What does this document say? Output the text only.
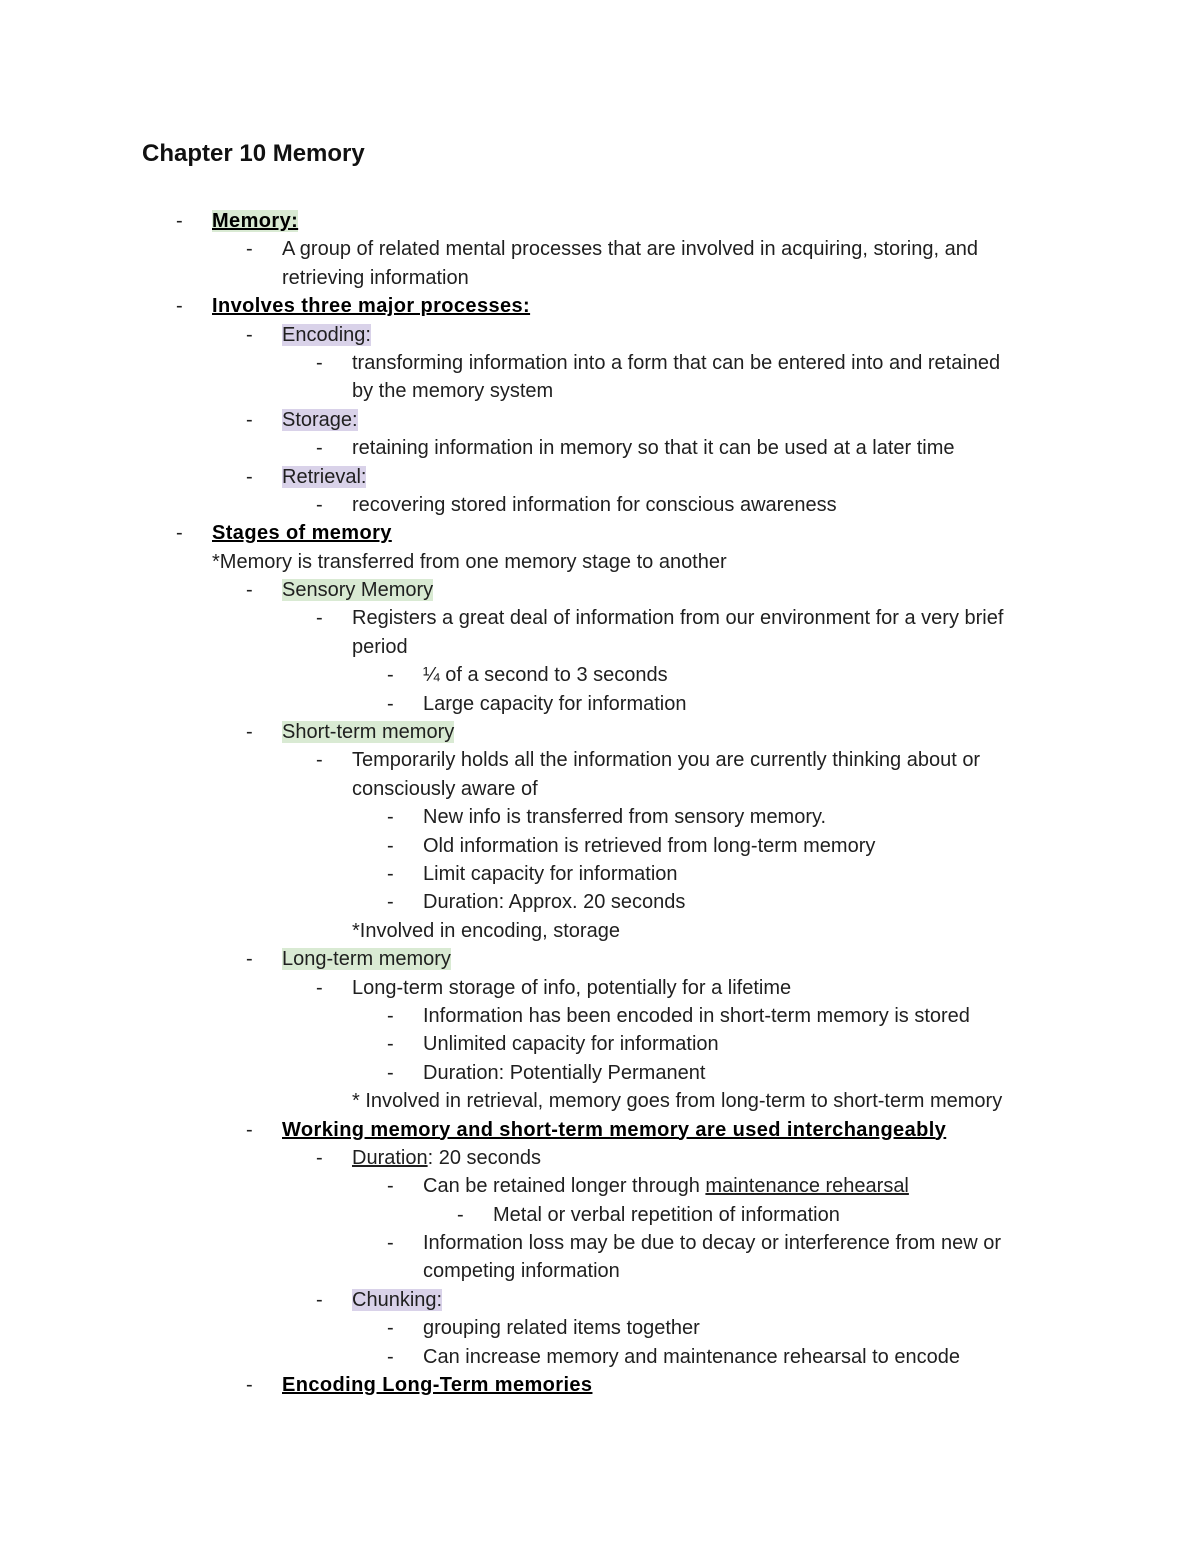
Chapter 10 Memory
- Memory:
- A group of related mental processes that are involved in acquiring, storing, and
retrieving information
- Involves three major processes:
- Encoding:
- transforming information into a form that can be entered into and retained
by the memory system
- Storage:
- retaining information in memory so that it can be used at a later time
- Retrieval:
- recovering stored information for conscious awareness
- Stages of memory
*Memory is transferred from one memory stage to another
- Sensory Memory
- Registers a great deal of information from our environment for a very brief
period
- ¼ of a second to 3 seconds
- Large capacity for information
- Short-term memory
- Temporarily holds all the information you are currently thinking about or
consciously aware of
- New info is transferred from sensory memory.
- Old information is retrieved from long-term memory
- Limit capacity for information
- Duration: Approx. 20 seconds
*Involved in encoding, storage
- Long-term memory
- Long-term storage of info, potentially for a lifetime
- Information has been encoded in short-term memory is stored
- Unlimited capacity for information
- Duration: Potentially Permanent
* Involved in retrieval, memory goes from long-term to short-term memory
- Working memory and short-term memory are used interchangeably
- Duration: 20 seconds
- Can be retained longer through maintenance rehearsal
- Metal or verbal repetition of information
- Information loss may be due to decay or interference from new or
competing information
- Chunking:
- grouping related items together
- Can increase memory and maintenance rehearsal to encode
- Encoding Long-Term memories
